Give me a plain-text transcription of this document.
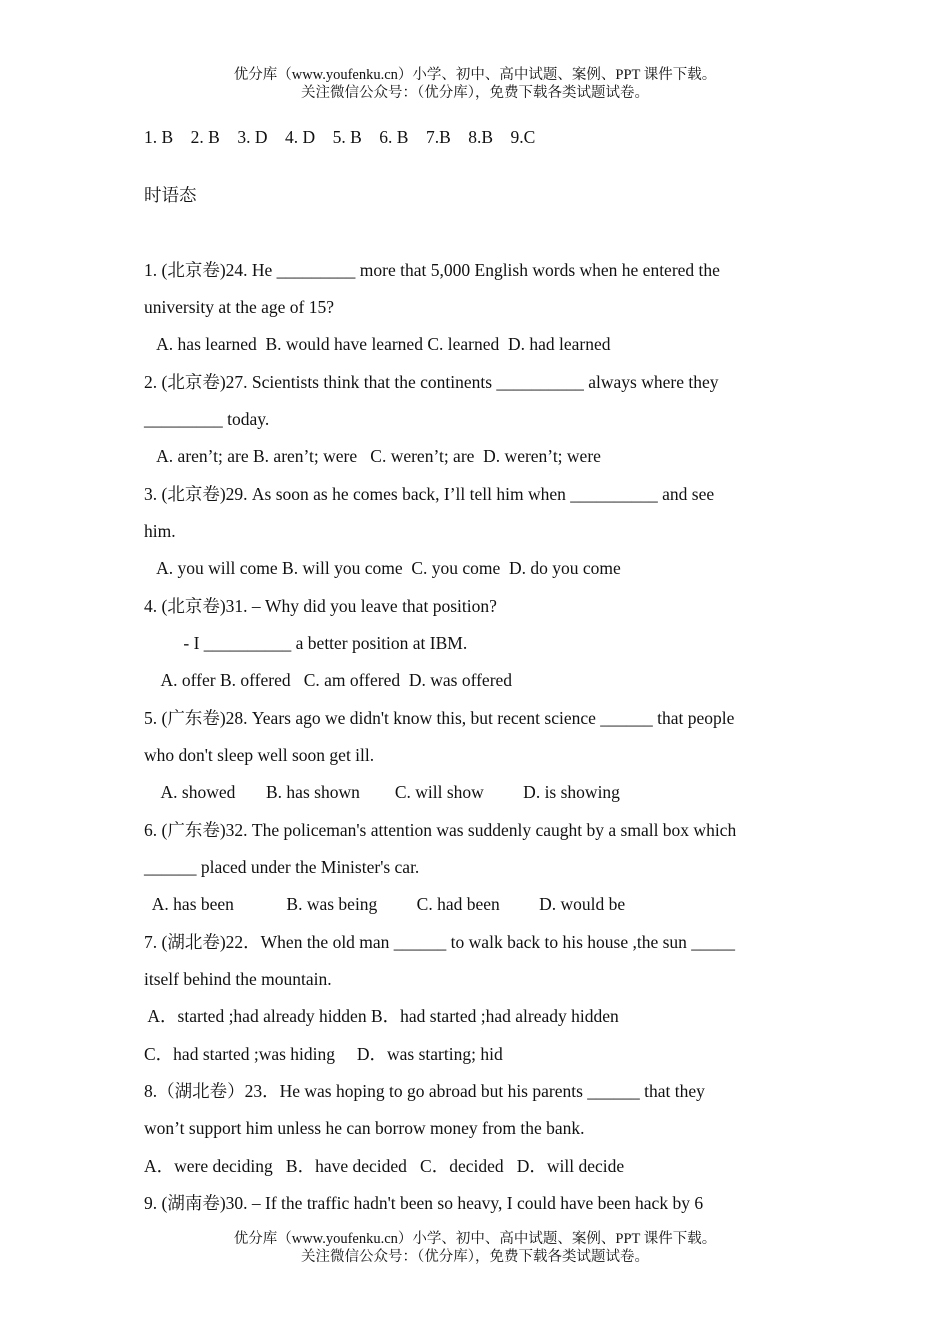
优分库（www.youfenku.cn）小学、初中、高中试题、案例、PPT 课件下载。
关注微信公众号：（优分库），免费下载各类试题试卷。
1. B    2. B    3. D    4. D    5. B    6. B    7.B    8.B    9.C
时语态
1. (北京卷)24. He _________ more that 5,000 English words when he entered the
university at the age of 15?
A. has learned  B. would have learned C. learned  D. had learned
2. (北京卷)27. Scientists think that the continents __________ always where they
_________ today.
A. aren’t; are B. aren’t; were   C. weren’t; are  D. weren’t; were
3. (北京卷)29. As soon as he comes back, I’ll tell him when __________ and see
him.
A. you will come B. will you come  C. you come  D. do you come
4. (北京卷)31. – Why did you leave that position?
- I __________ a better position at IBM.
A. offer B. offered   C. am offered  D. was offered
5. (广东卷)28. Years ago we didn't know this, but recent science ______ that people
who don't sleep well soon get ill.
A. showed       B. has shown        C. will show         D. is showing
6. (广东卷)32. The policeman's attention was suddenly caught by a small box which
______ placed under the Minister's car.
A. has been            B. was being         C. had been         D. would be
7. (湖北卷)22．When the old man ______ to walk back to his house ,the sun _____
itself behind the mountain.
A．started ;had already hidden B．had started ;had already hidden
C．had started ;was hiding     D．was starting; hid
8.（湖北卷）23．He was hoping to go abroad but his parents ______ that they
won’t support him unless he can borrow money from the bank.
A．were deciding   B．have decided   C．decided   D．will decide
9. (湖南卷)30. – If the traffic hadn't been so heavy, I could have been hack by 6
优分库（www.youfenku.cn）小学、初中、高中试题、案例、PPT 课件下载。
关注微信公众号：（优分库），免费下载各类试题试卷。
